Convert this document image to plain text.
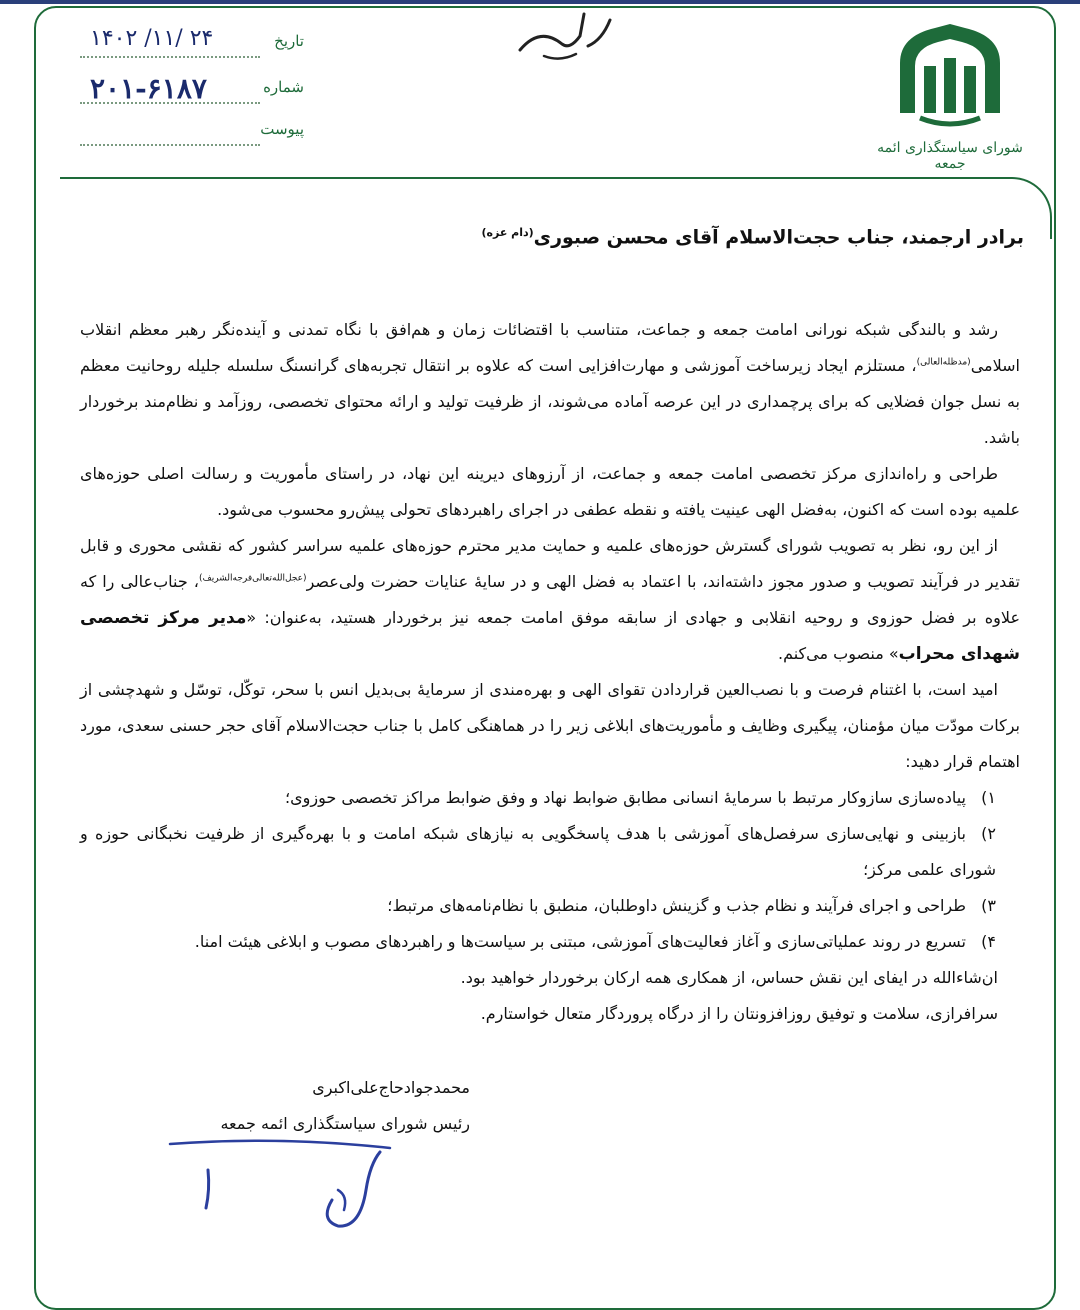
شورای سیاستگذاری ائمه جمعه
تاریخ
۱۴۰۲ /۱۱/ ۲۴
شماره
۲۰۱-۶۱۸۷
پیوست
برادر ارجمند، جناب حجت‌الاسلام آقای محسن صبوری$^{(دام عزه)}$

رشد و بالندگی شبکه نورانی امامت جمعه و جماعت، متناسب با اقتضائات زمان و هم‌افق با نگاه تمدنی و آینده‌نگر رهبر معظم انقلاب اسلامی$^{(مدظله‌العالی)}$، مستلزم ایجاد زیرساخت آموزشی و مهارت‌افزایی است که علاوه بر انتقال تجربه‌های گرانسنگ سلسله جلیله روحانیت معظم به نسل جوان فضلایی که برای پرچمداری در این عرصه آماده می‌شوند، از ظرفیت تولید و ارائه محتوای تخصصی، روزآمد و نظام‌مند برخوردار باشد.

طراحی و راه‌اندازی مرکز تخصصی امامت جمعه و جماعت، از آرزوهای دیرینه این نهاد، در راستای مأموریت و رسالت اصلی حوزه‌های علمیه بوده است که اکنون، به‌فضل الهی عینیت یافته و نقطه عطفی در اجرای راهبردهای تحولی پیش‌رو محسوب می‌شود.

از این رو، نظر به تصویب شورای گسترش حوزه‌های علمیه و حمایت مدیر محترم حوزه‌های علمیه سراسر کشور که نقشی محوری و قابل تقدیر در فرآیند تصویب و صدور مجوز داشته‌اند، با اعتماد به فضل الهی و در سایهٔ عنایات حضرت ولی‌عصر$^{(عجل‌الله‌تعالی‌فرجه‌الشریف)}$، جناب‌عالی را که علاوه بر فضل حوزوی و روحیه انقلابی و جهادی از سابقه موفق امامت جمعه نیز برخوردار هستید، به‌عنوان: «مدیر مرکز تخصصی شهدای محراب» منصوب می‌کنم.

امید است، با اغتنام فرصت و با نصب‌العین قراردادن تقوای الهی و بهره‌مندی از سرمایهٔ بی‌بدیل انس با سحر، توکّل، توسّل و شهدچشی از برکات مودّت میان مؤمنان، پیگیری وظایف و مأموریت‌های ابلاغی زیر را در هماهنگی کامل با جناب حجت‌الاسلام آقای حجر حسنی سعدی، مورد اهتمام قرار دهید:

۱)پیاده‌سازی سازوکار مرتبط با سرمایهٔ انسانی مطابق ضوابط نهاد و وفق ضوابط مراکز تخصصی حوزوی؛
۲)بازبینی و نهایی‌سازی سرفصل‌های آموزشی با هدف پاسخگویی به نیازهای شبکه امامت و با بهره‌گیری از ظرفیت نخبگانی حوزه و شورای علمی مرکز؛
۳)طراحی و اجرای فرآیند و نظام جذب و گزینش داوطلبان، منطبق با نظام‌نامه‌های مرتبط؛
۴)تسریع در روند عملیاتی‌سازی و آغاز فعالیت‌های آموزشی، مبتنی بر سیاست‌ها و راهبردهای مصوب و ابلاغی هیئت امنا.

ان‌شاءالله در ایفای این نقش حساس، از همکاری همه ارکان برخوردار خواهید بود.

سرافرازی، سلامت و توفیق روزافزونتان را از درگاه پروردگار متعال خواستارم.

محمدجوادحاج‌علی‌اکبری
رئیس شورای سیاستگذاری ائمه جمعه
